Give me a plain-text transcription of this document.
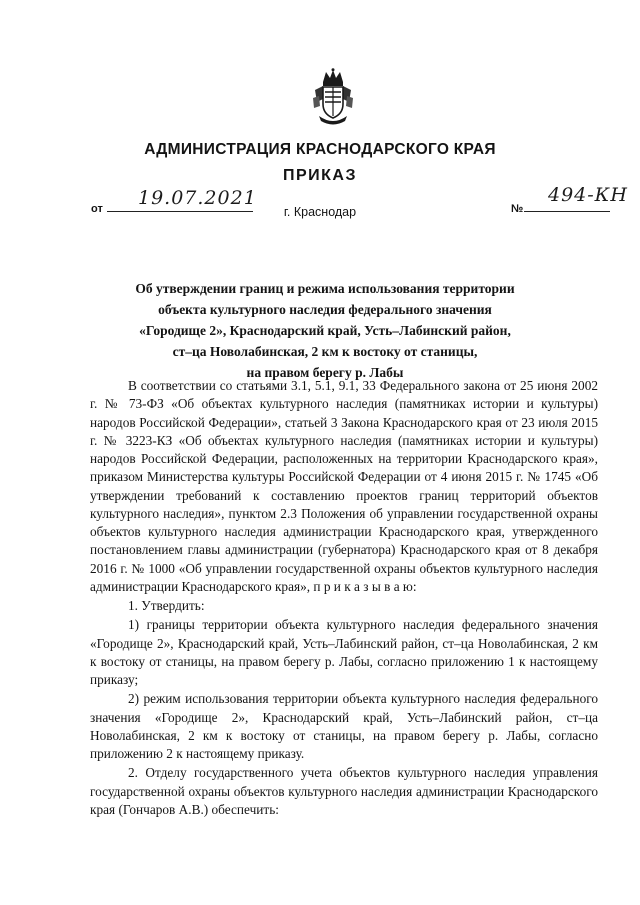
АДМИНИСТРАЦИЯ КРАСНОДАРСКОГО КРАЯ
ПРИКАЗ
от 19.07.2021
г. Краснодар	№
494-КН
Об утверждении границ и режима использования территории
объекта культурного наследия федерального значения
«Городище 2», Краснодарский край, Усть–Лабинский район,
ст–ца Новолабинская, 2 км к востоку от станицы,
на правом берегу р. Лабы

В соответствии со статьями 3.1, 5.1, 9.1, 33 Федерального закона от 25 июня 2002 г. № 73-ФЗ «Об объектах культурного наследия (памятниках истории и культуры) народов Российской Федерации», статьей 3 Закона Краснодарского края от 23 июля 2015 г. № 3223-КЗ «Об объектах культурного наследия (памятниках истории и культуры) народов Российской Федерации, расположенных на территории Краснодарского края», приказом Министерства культуры Российской Федерации от 4 июня 2015 г. № 1745 «Об утверждении требований к составлению проектов границ территорий объектов культурного наследия», пунктом 2.3 Положения об управлении государственной охраны объектов культурного наследия администрации Краснодарского края, утвержденного постановлением главы администрации (губернатора) Краснодарского края от 8 декабря 2016 г. № 1000 «Об управлении государственной охраны объектов культурного наследия администрации Краснодарского края», п р и к а з ы в а ю:

1. Утвердить:

1) границы территории объекта культурного наследия федерального значения «Городище 2», Краснодарский край, Усть–Лабинский район, ст–ца Новолабинская, 2 км к востоку от станицы, на правом берегу р. Лабы, согласно приложению 1 к настоящему приказу;

2) режим использования территории объекта культурного наследия федерального значения «Городище 2», Краснодарский край, Усть–Лабинский район, ст–ца Новолабинская, 2 км к востоку от станицы, на правом берегу р. Лабы, согласно приложению 2 к настоящему приказу.

2. Отделу государственного учета объектов культурного наследия управления государственной охраны объектов культурного наследия администрации Краснодарского края (Гончаров А.В.) обеспечить:
